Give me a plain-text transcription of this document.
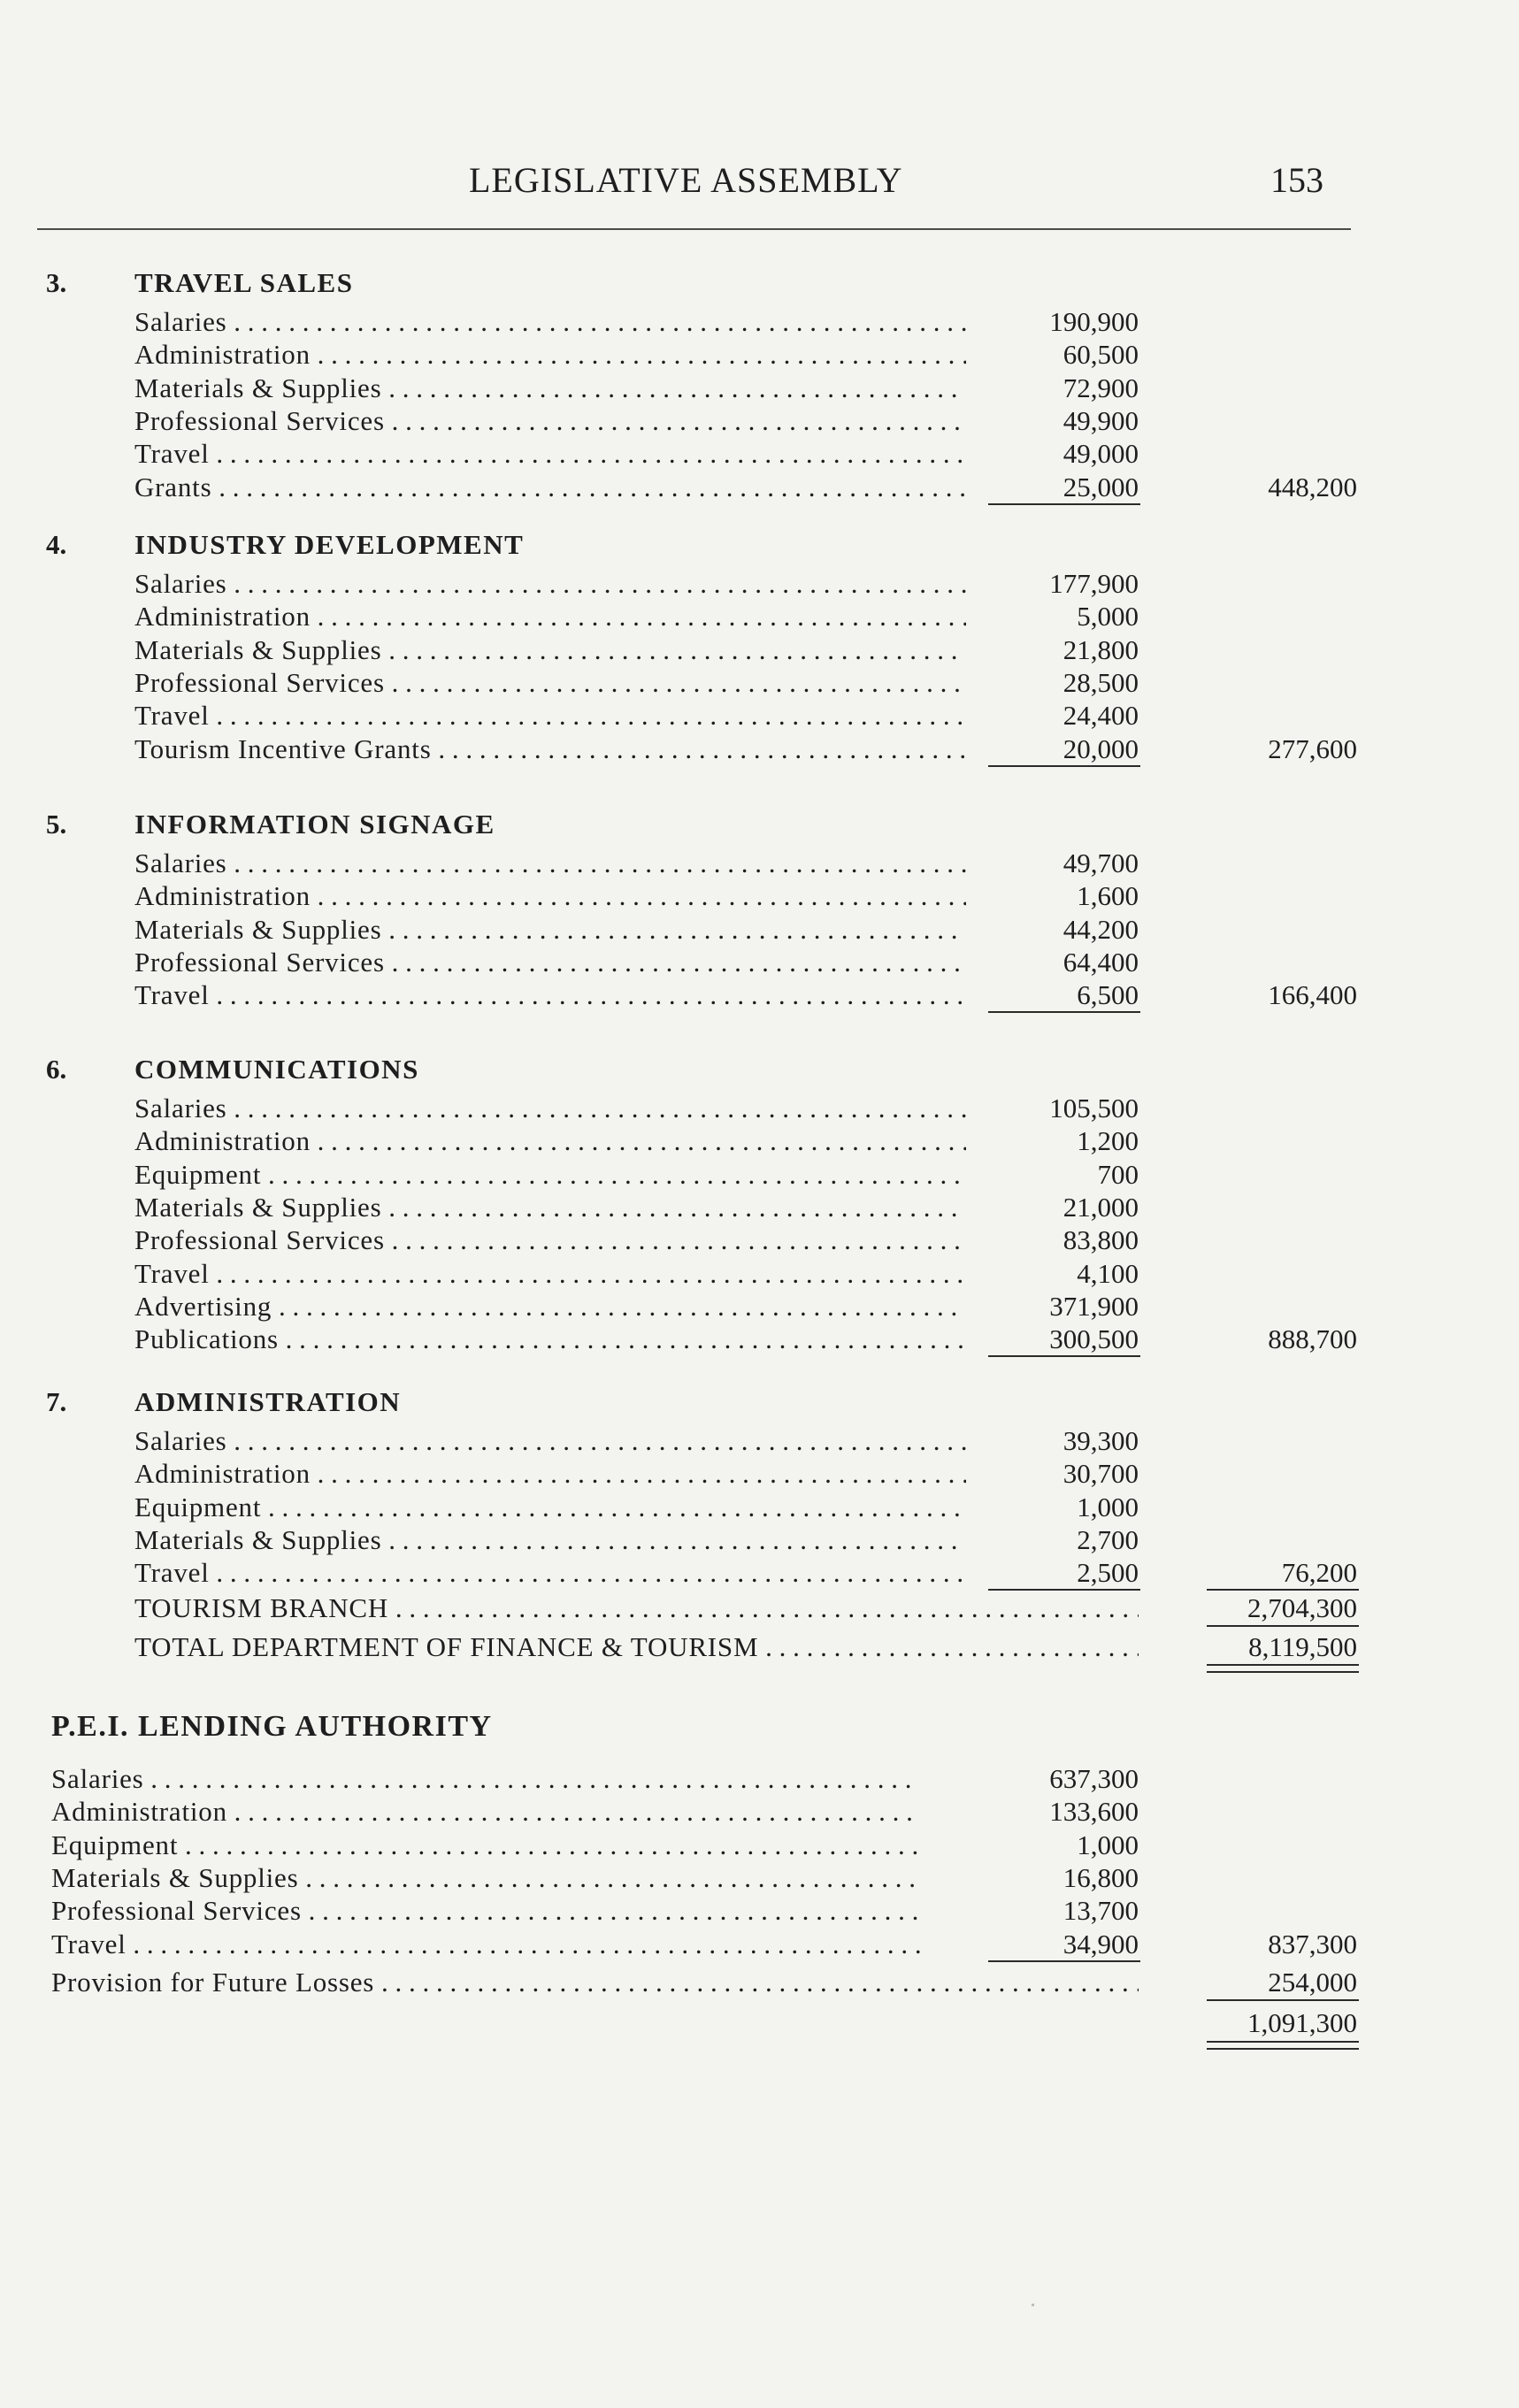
LEGISLATIVE ASSEMBLY	153
3. TRAVEL SALES
Salaries . . .	190,900
Administration . . .	60,500
Materials & Supplies . . .	72,900
Professional Services . . .	49,900
Travel . . .	49,000
Grants . . .	25,000	448,200
4. INDUSTRY DEVELOPMENT
Salaries . . .	177,900
Administration . . .	5,000
Materials & Supplies . . .	21,800
Professional Services . . .	28,500
Travel . . .	24,400
Tourism Incentive Grants . . .	20,000	277,600
5. INFORMATION SIGNAGE
Salaries . . .	49,700
Administration . . .	1,600
Materials & Supplies . . .	44,200
Professional Services . . .	64,400
Travel . . .	6,500	166,400
6. COMMUNICATIONS
Salaries . . .	105,500
Administration . . .	1,200
Equipment . . .	700
Materials & Supplies . . .	21,000
Professional Services . . .	83,800
Travel . . .	4,100
Advertising . . .	371,900
Publications . . .	300,500	888,700
7. ADMINISTRATION
Salaries . . .	39,300
Administration . . .	30,700
Equipment . . .	1,000
Materials & Supplies . . .	2,700
Travel . . .	2,500	76,200
TOURISM BRANCH . . .	2,704,300
TOTAL DEPARTMENT OF FINANCE & TOURISM . . .	8,119,500
Salaries . . .	637,300
Administration . . .	133,600
Equipment . . .	1,000
Materials & Supplies . . .	16,800
Professional Services . . .	13,700
Travel . . .	34,900	837,300
Provision for Future Losses . . .	254,000
1,091,300
P.E.I. LENDING AUTHORITY
